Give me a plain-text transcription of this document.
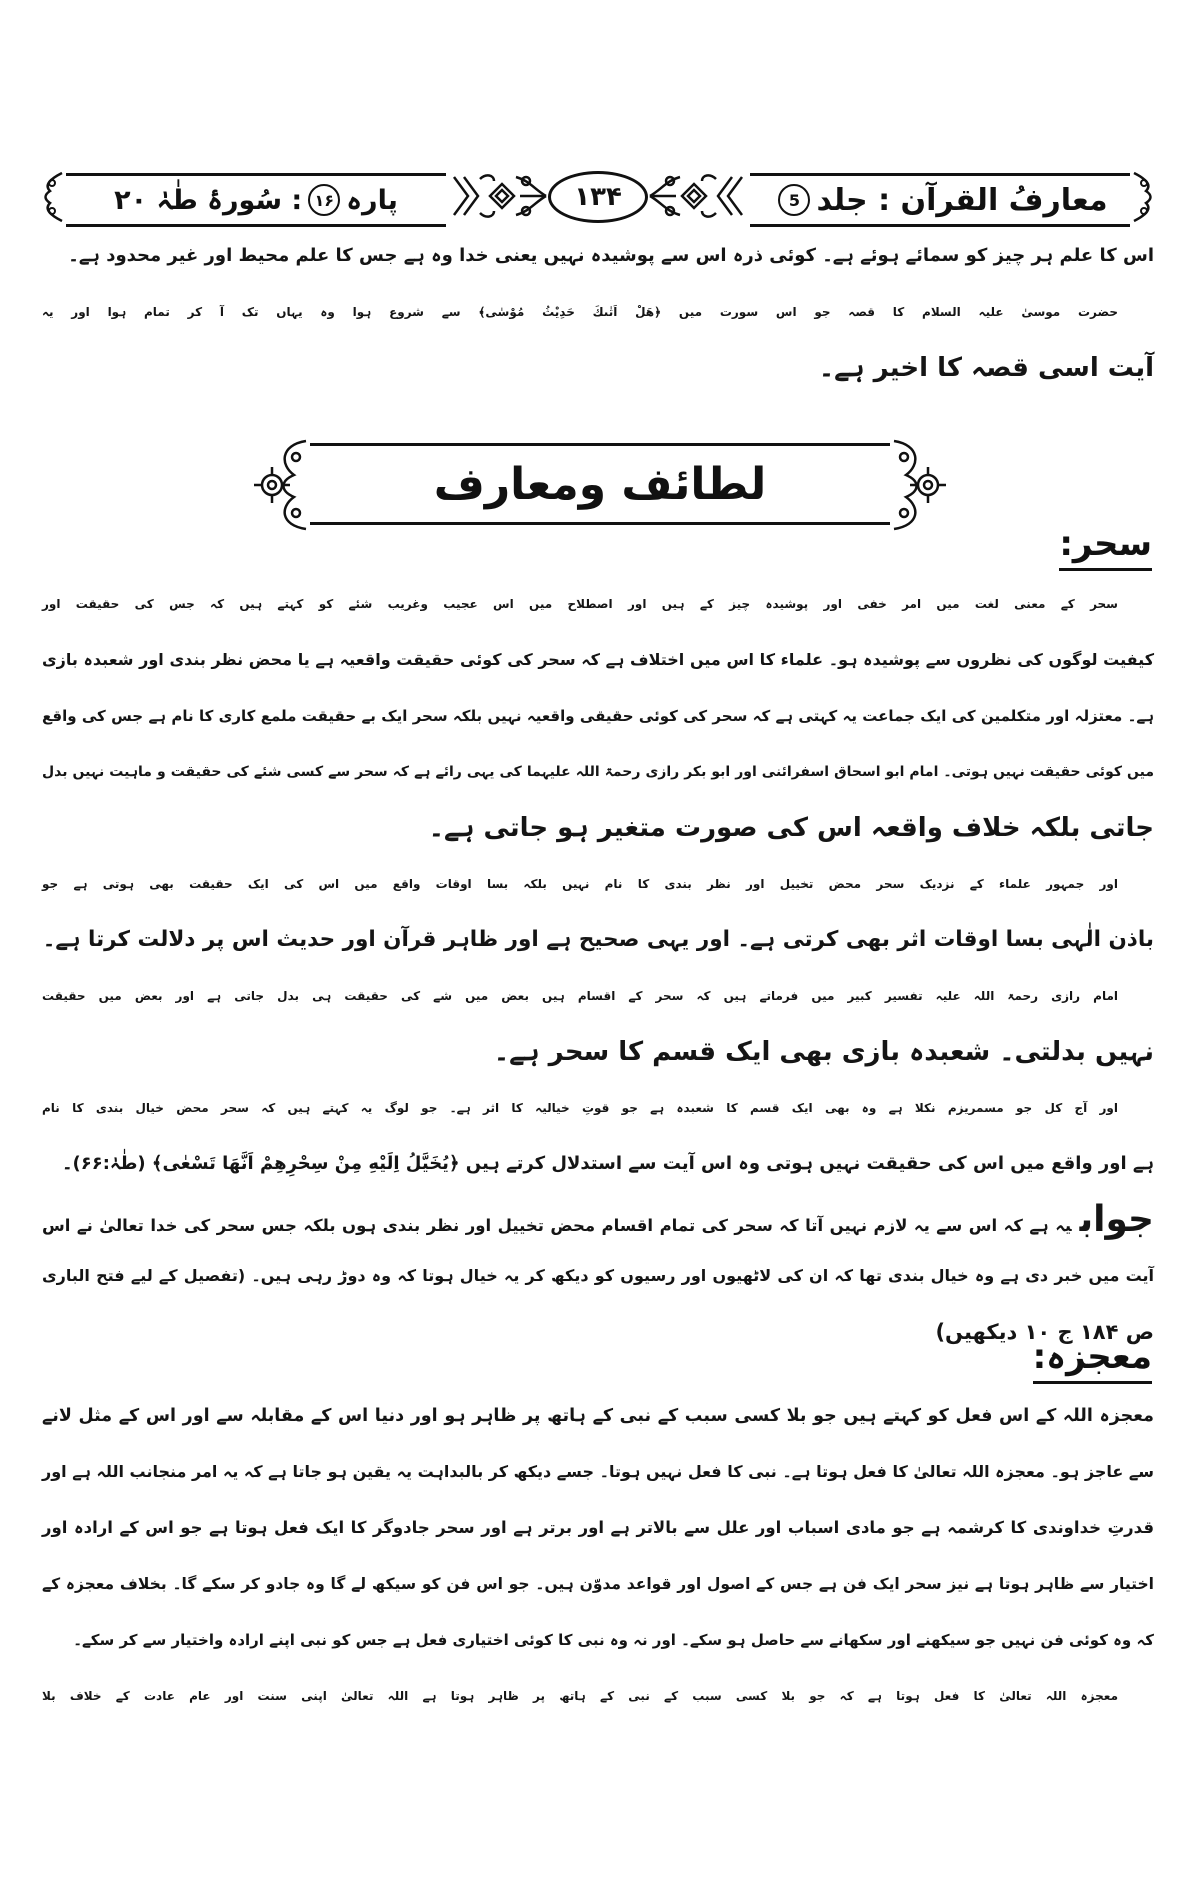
پارہ
۱۶
: سُورۂ طٰہٰ ۲۰	۱۳۴	معارفُ القرآن : جلد
5
اس کا علم ہر چیز کو سمائے ہوئے ہے۔ کوئی ذرہ اس سے پوشیدہ نہیں یعنی خدا وہ ہے جس کا علم محیط اور غیر محدود ہے۔
حضرت موسیٰ علیہ السلام کا قصہ جو اس سورت میں ﴿ھَلْ اَتٰىكَ حَدِيْثُ مُوْسٰى﴾ سے شروع ہوا وہ یہاں تک آ کر تمام ہوا اور یہ
آیت اسی قصہ کا اخیر ہے۔
لطائف ومعارف
سحر:
سحر کے معنی لغت میں امر خفی اور پوشیدہ چیز کے ہیں اور اصطلاح میں اس عجیب وغریب شئے کو کہتے ہیں کہ جس کی حقیقت اور
کیفیت لوگوں کی نظروں سے پوشیدہ ہو۔ علماء کا اس میں اختلاف ہے کہ سحر کی کوئی حقیقت واقعیہ ہے یا محض نظر بندی اور شعبدہ بازی
ہے۔ معتزلہ اور متکلمین کی ایک جماعت یہ کہتی ہے کہ سحر کی کوئی حقیقی واقعیہ نہیں بلکہ سحر ایک بے حقیقت ملمع کاری کا نام ہے جس کی واقع
میں کوئی حقیقت نہیں ہوتی۔ امام ابو اسحاق اسفرائنی اور ابو بکر رازی رحمۃ اللہ علیہما کی یہی رائے ہے کہ سحر سے کسی شئے کی حقیقت و ماہیت نہیں بدل
جاتی بلکہ خلاف واقعہ اس کی صورت متغیر ہو جاتی ہے۔
اور جمہور علماء کے نزدیک سحر محض تخییل اور نظر بندی کا نام نہیں بلکہ بسا اوقات واقع میں اس کی ایک حقیقت بھی ہوتی ہے جو
باذن الٰہی بسا اوقات اثر بھی کرتی ہے۔ اور یہی صحیح ہے اور ظاہر قرآن اور حدیث اس پر دلالت کرتا ہے۔
امام رازی رحمۃ اللہ علیہ تفسیر کبیر میں فرماتے ہیں کہ سحر کے اقسام ہیں بعض میں شے کی حقیقت ہی بدل جاتی ہے اور بعض میں حقیقت
نہیں بدلتی۔ شعبدہ بازی بھی ایک قسم کا سحر ہے۔
اور آج کل جو مسمریزم نکلا ہے وہ بھی ایک قسم کا شعبدہ ہے جو قوتِ خیالیہ کا اثر ہے۔ جو لوگ یہ کہتے ہیں کہ سحر محض خیال بندی کا نام
ہے اور واقع میں اس کی حقیقت نہیں ہوتی وہ اس آیت سے استدلال کرتے ہیں ﴿يُخَيَّلُ اِلَيْهِ مِنْ سِحْرِهِمْ اَنَّهَا تَسْعٰى﴾ (طٰہٰ:۶۶)۔
جوابیہ ہے کہ اس سے یہ لازم نہیں آتا کہ سحر کی تمام اقسام محض تخییل اور نظر بندی ہوں بلکہ جس سحر کی خدا تعالیٰ نے اس
آیت میں خبر دی ہے وہ خیال بندی تھا کہ ان کی لاٹھیوں اور رسیوں کو دیکھ کر یہ خیال ہوتا کہ وہ دوڑ رہی ہیں۔ (تفصیل کے لیے فتح الباری
ص ۱۸۴ ج ۱۰ دیکھیں)
معجزہ:
معجزہ اللہ کے اس فعل کو کہتے ہیں جو بلا کسی سبب کے نبی کے ہاتھ پر ظاہر ہو اور دنیا اس کے مقابلہ سے اور اس کے مثل لانے
سے عاجز ہو۔ معجزہ اللہ تعالیٰ کا فعل ہوتا ہے۔ نبی کا فعل نہیں ہوتا۔ جسے دیکھ کر بالبداہت یہ یقین ہو جاتا ہے کہ یہ امر منجانب اللہ ہے اور
قدرتِ خداوندی کا کرشمہ ہے جو مادی اسباب اور علل سے بالاتر ہے اور برتر ہے اور سحر جادوگر کا ایک فعل ہوتا ہے جو اس کے ارادہ اور
اختیار سے ظاہر ہوتا ہے نیز سحر ایک فن ہے جس کے اصول اور قواعد مدوّن ہیں۔ جو اس فن کو سیکھ لے گا وہ جادو کر سکے گا۔ بخلاف معجزہ کے
کہ وہ کوئی فن نہیں جو سیکھنے اور سکھانے سے حاصل ہو سکے۔ اور نہ وہ نبی کا کوئی اختیاری فعل ہے جس کو نبی اپنے ارادہ واختیار سے کر سکے۔
معجزہ اللہ تعالیٰ کا فعل ہوتا ہے کہ جو بلا کسی سبب کے نبی کے ہاتھ پر ظاہر ہوتا ہے اللہ تعالیٰ اپنی سنت اور عام عادت کے خلاف بلا
